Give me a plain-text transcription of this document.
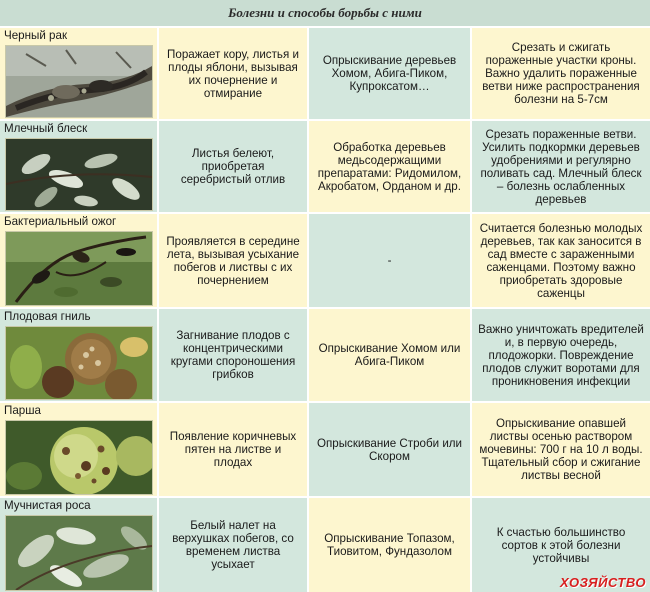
Болезни и способы борьбы с ними
Черный рак
Поражает кору, листья и плоды яблони, вызывая их почернение и отмирание
Опрыскивание деревьев Хомом, Абига-Пиком, Купроксатом…
Срезать и сжигать пораженные участки кроны. Важно удалить пораженные ветви ниже распространения болезни на 5-7см
Млечный блеск
Листья белеют, приобретая серебристый отлив
Обработка деревьев медьсодержащими препаратами: Ридомилом, Акробатом, Ордaном и др.
Срезать пораженные ветви. Усилить подкормки деревьев удобрениями и регулярно поливать сад. Млечный блеск – болезнь ослабленных деревьев
Бактериальный ожог
Проявляется в середине лета, вызывая усыхание побегов и листвы с их почернением
-
Считается болезнью молодых деревьев, так как заносится в сад вместе с зараженными саженцами. Поэтому важно приобретать здоровые саженцы
Плодовая гниль
Загнивание плодов с концентрическими кругами спороношения грибков
Опрыскивание Хомом или Абига-Пиком
Важно уничтожать вредителей и, в первую очередь, плодожорки. Повреждение плодов служит воротами для проникновения инфекции
Парша
Появление коричневых пятен на листве и плодах
Опрыскивание Строби или Скором
Опрыскивание опавшей листвы осенью раствором мочевины: 700 г на 10 л воды. Тщательный сбор и сжигание листвы весной
Мучнистая роса
Белый налет на верхушках побегов, со временем листва усыхает
Опрыскивание Топазом, Тиовитом, Фундазолом
К счастью большинство сортов к этой болезни устойчивы
ХОЗЯЙСТВО
